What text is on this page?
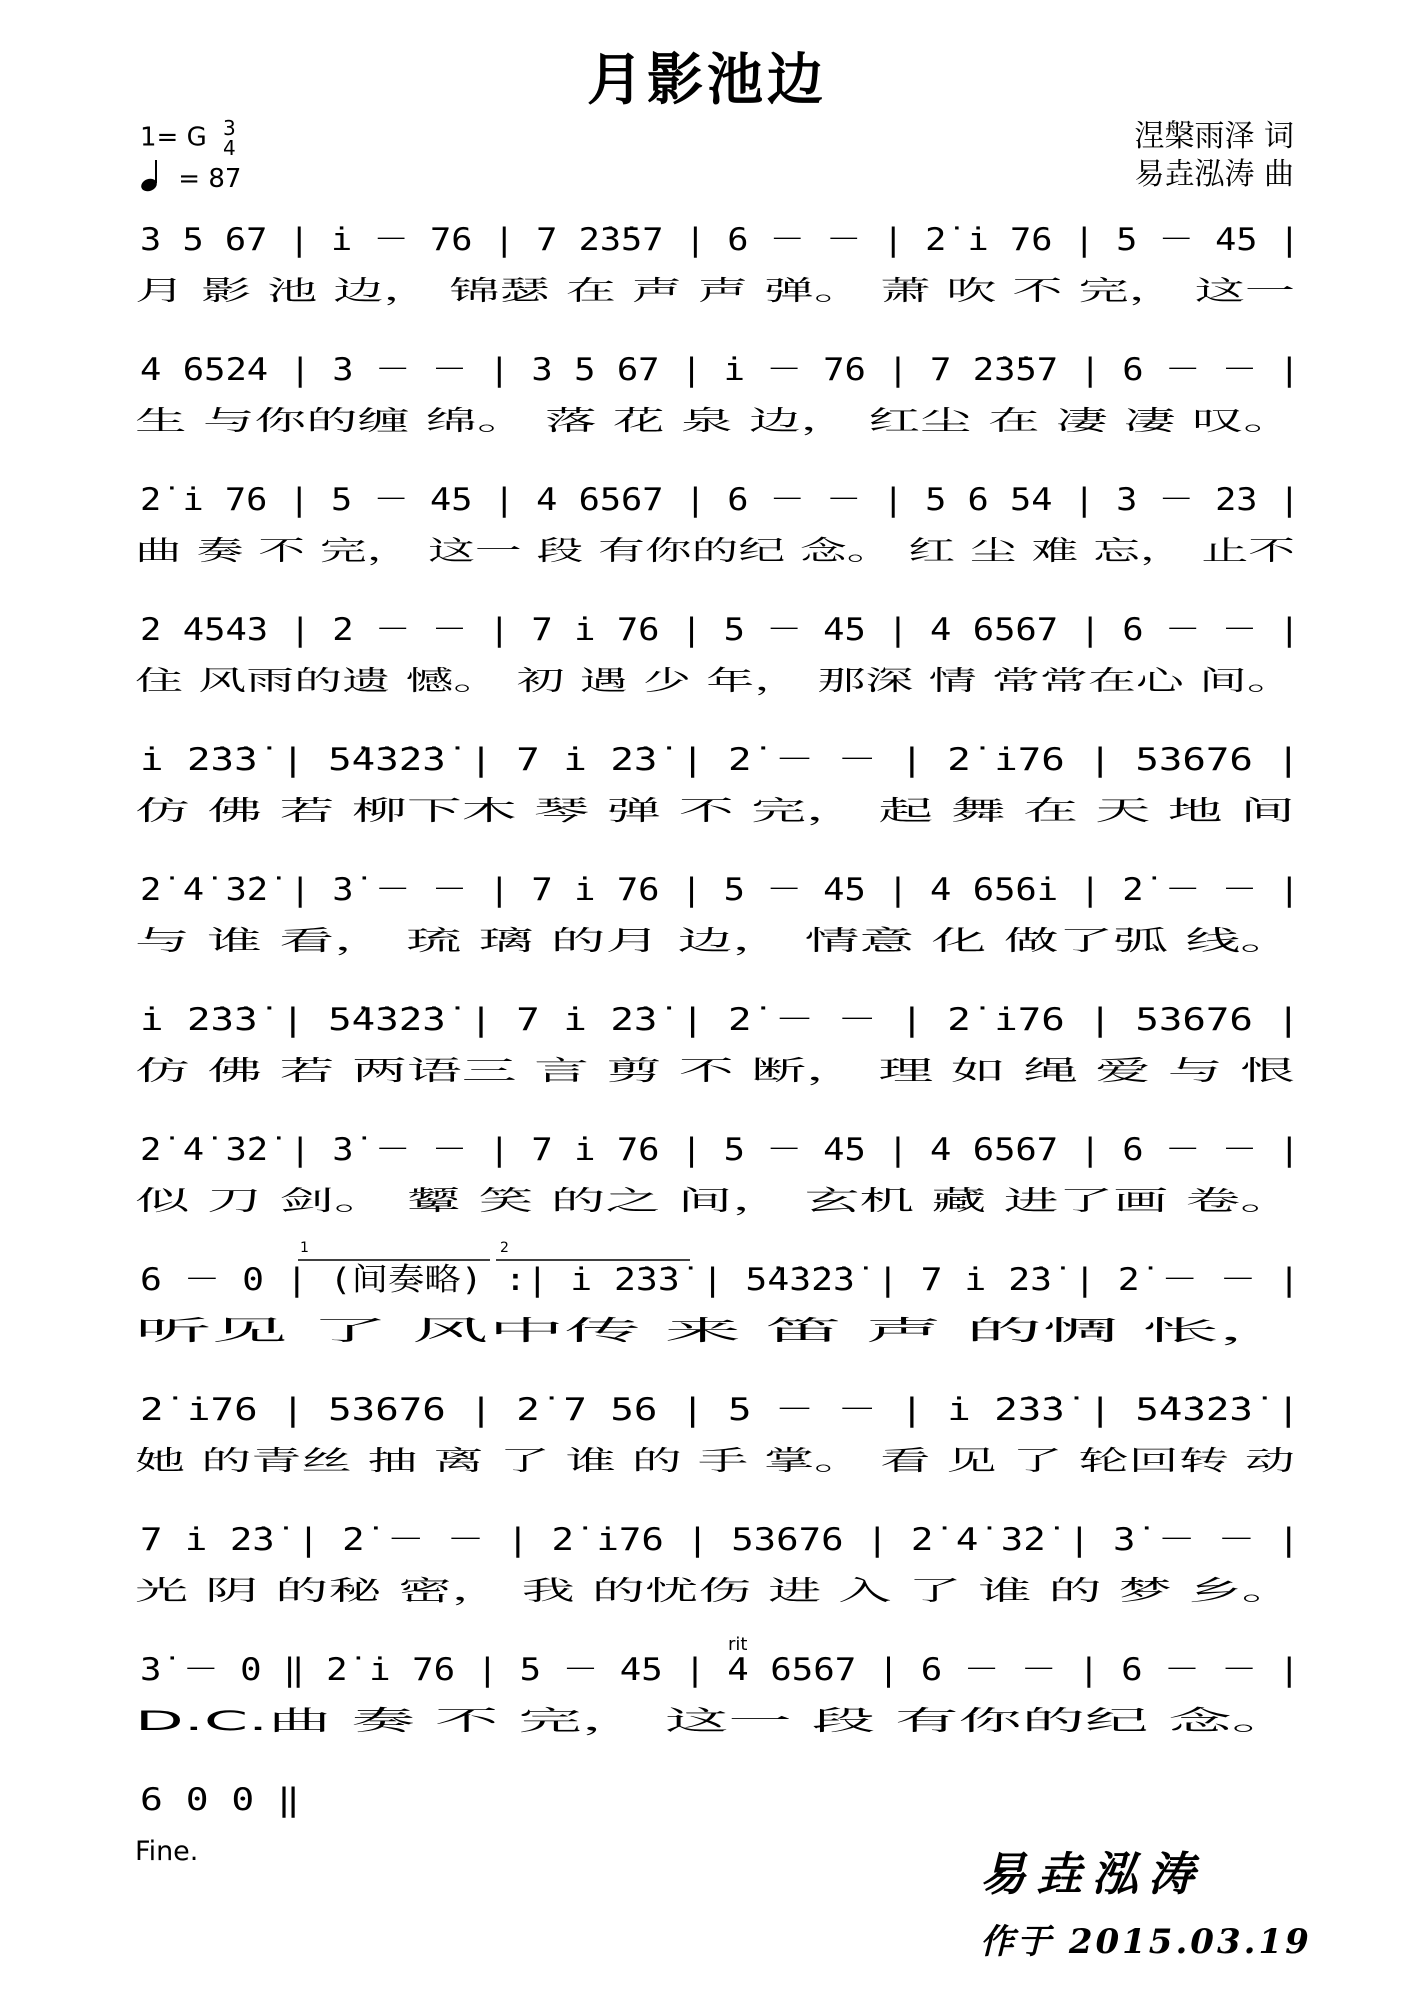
月影池边
1= G 3
4
= 87
涅槃雨泽 词
易垚泓涛 曲
3 5 67 | i̇ － 76 | 7 2̇3̇57 | 6 － － | 2̇ i̇ 76 | 5 － 45 |
月 影 池 边， 锦瑟 在 声 声 弹。 萧 吹 不 完， 这一
4 6524 | 3 － － | 3 5 67 | i̇ － 76 | 7 2̇3̇57 | 6 － － |
生 与你的缠 绵。 落 花 泉 边， 红尘 在 凄 凄 叹。
2̇ i̇ 76 | 5 － 45 | 4 6567 | 6 － － | 5 6 54 | 3 － 23 |
曲 奏 不 完， 这一 段 有你的纪 念。 红 尘 难 忘， 止不
2 4543 | 2 － － | 7 i̇ 76 | 5 － 45 | 4 6567 | 6 － － |
住 风雨的遗 憾。 初 遇 少 年， 那深 情 常常在心 间。
i̇ 2̇3̇3̇ | 5̇4̇3̇2̇3̇ | 7 i̇ 2̇3̇ | 2̇ － － | 2̇ i̇76 | 53676 |
仿 佛 若 柳下木 琴 弹 不 完， 起 舞 在 天 地 间
2̇ 4̇ 3̇2̇ | 3̇ － － | 7 i̇ 76 | 5 － 45 | 4 656i̇ | 2̇ － － |
与 谁 看， 琉 璃 的月 边， 情意 化 做了弧 线。
i̇ 2̇3̇3̇ | 5̇4̇3̇2̇3̇ | 7 i̇ 2̇3̇ | 2̇ － － | 2̇ i̇76 | 53676 |
仿 佛 若 两语三 言 剪 不 断， 理 如 绳 爱 与 恨
2̇ 4̇ 3̇2̇ | 3̇ － － | 7 i̇ 76 | 5 － 45 | 4 6567 | 6 － － |
似 刀 剑。 颦 笑 的之 间， 玄机 藏 进了画 卷。
6 － 0 | (间奏略) :| i̇ 2̇3̇3̇ | 5̇4̇3̇2̇3̇ | 7 i̇ 2̇3̇ | 2̇ － － |
听见 了 风中传 来 笛 声 的惆 怅，
1	2
2̇ i̇76 | 53676 | 2̇ 7 56 | 5 － － | i̇ 2̇3̇3̇ | 5̇4̇3̇2̇3̇ |
她 的青丝 抽 离 了 谁 的 手 掌。 看 见 了 轮回转 动
7 i̇ 2̇3̇ | 2̇ － － | 2̇ i̇76 | 53676 | 2̇ 4̇ 3̇2̇ | 3̇ － － |
光 阴 的秘 密， 我 的忧伤 进 入 了 谁 的 梦 乡。
3̇ － 0 ‖ 2̇ i̇ 76 | 5 － 45 | 4 6567 | 6 － － | 6 － － |
D.C.曲 奏 不 完， 这一 段 有你的纪 念。
rit
6 0 0 ‖
Fine.	易垚泓涛
作于 2015.03.19
